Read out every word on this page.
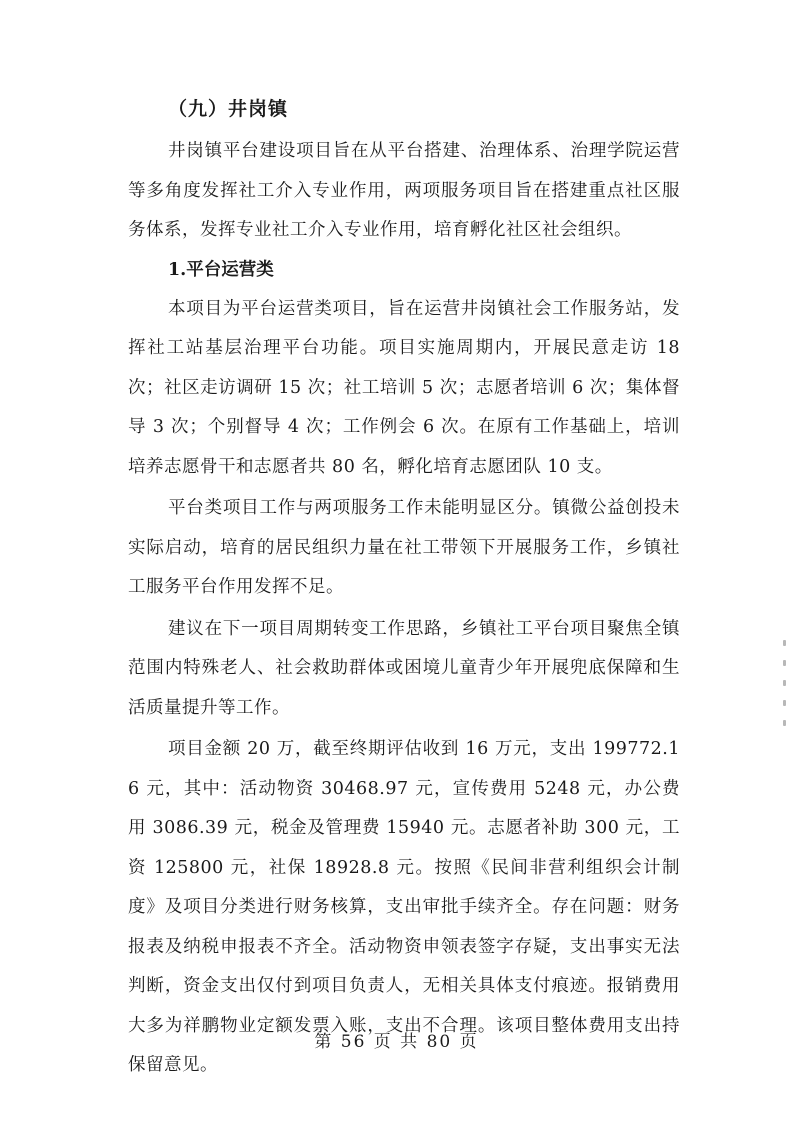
（九）井岗镇

井岗镇平台建设项目旨在从平台搭建、治理体系、治理学院运营等多角度发挥社工介入专业作用，两项服务项目旨在搭建重点社区服务体系，发挥专业社工介入专业作用，培育孵化社区社会组织。

1.平台运营类

本项目为平台运营类项目，旨在运营井岗镇社会工作服务站，发挥社工站基层治理平台功能。项目实施周期内，开展民意走访 18 次；社区走访调研 15 次；社工培训 5 次；志愿者培训 6 次；集体督导 3 次；个别督导 4 次；工作例会 6 次。在原有工作基础上，培训培养志愿骨干和志愿者共 80 名，孵化培育志愿团队 10 支。

平台类项目工作与两项服务工作未能明显区分。镇微公益创投未实际启动，培育的居民组织力量在社工带领下开展服务工作，乡镇社工服务平台作用发挥不足。

建议在下一项目周期转变工作思路，乡镇社工平台项目聚焦全镇范围内特殊老人、社会救助群体或困境儿童青少年开展兜底保障和生活质量提升等工作。

项目金额 20 万，截至终期评估收到 16 万元，支出 199772.16 元，其中：活动物资 30468.97 元，宣传费用 5248 元，办公费用 3086.39 元，税金及管理费 15940 元。志愿者补助 300 元，工资 125800 元，社保 18928.8 元。按照《民间非营利组织会计制度》及项目分类进行财务核算，支出审批手续齐全。存在问题：财务报表及纳税申报表不齐全。活动物资申领表签字存疑，支出事实无法判断，资金支出仅付到项目负责人，无相关具体支付痕迹。报销费用大多为祥鹏物业定额发票入账，支出不合理。该项目整体费用支出持保留意见。

第 56 页 共 80 页
